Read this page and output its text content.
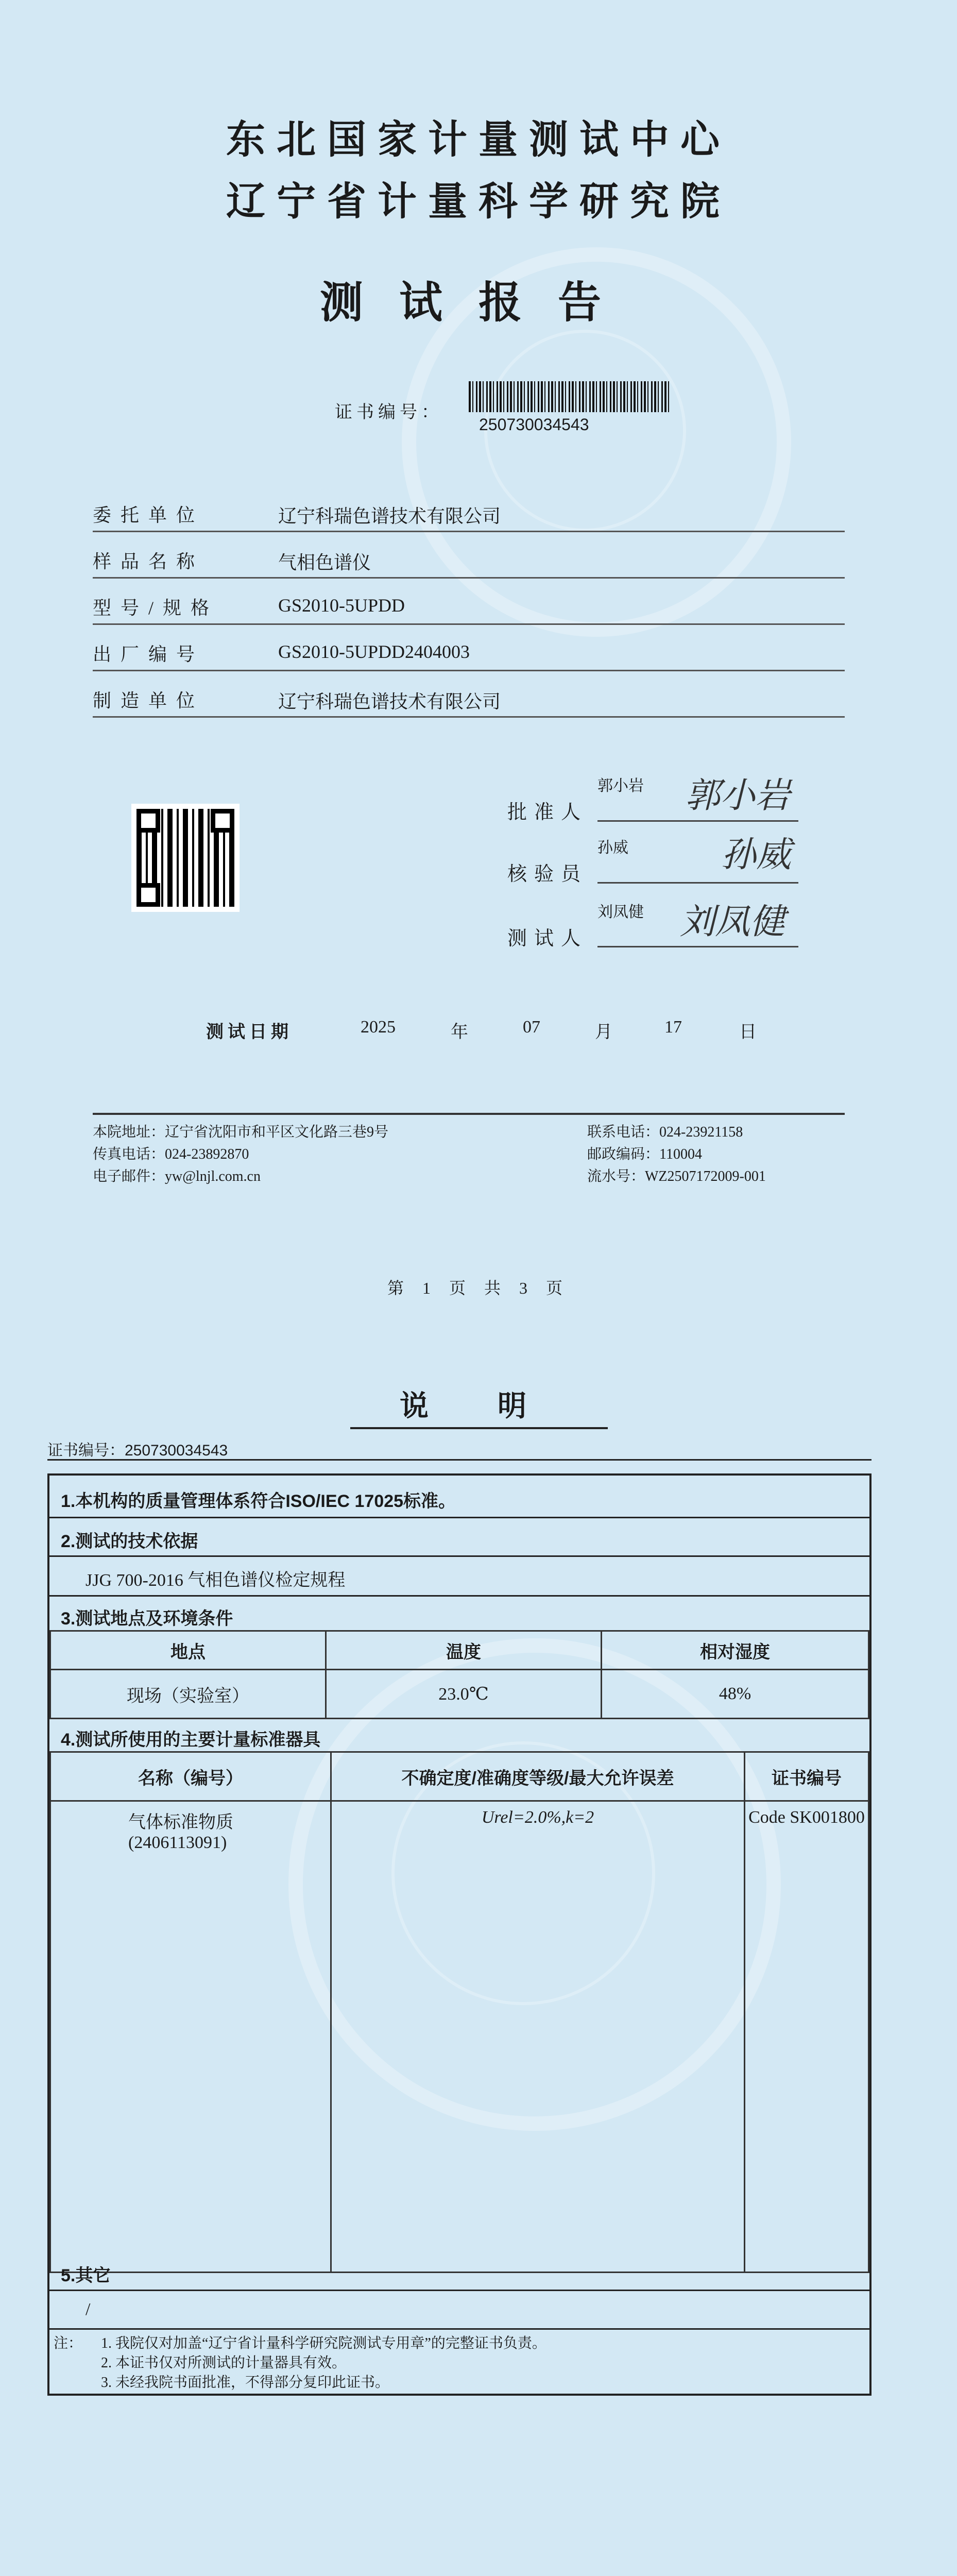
东北国家计量测试中心
辽宁省计量科学研究院
测试报告
证书编号：
250730034543
委托单位	辽宁科瑞色谱技术有限公司
样品名称	气相色谱仪
型号/规格	GS2010-5UPDD
出厂编号	GS2010-5UPDD2404003
制造单位	辽宁科瑞色谱技术有限公司
郭小岩
批准人	郭小岩
孙威
核验员	孙威
刘凤健
测试人	刘凤健
测试日期	2025	年	07	月	17	日
本院地址：辽宁省沈阳市和平区文化路三巷9号
传真电话：024-23892870
电子邮件：yw@lnjl.com.cn
联系电话：024-23921158
邮政编码：110004
流水号：WZ2507172009-001
第 1 页 共 3 页
说 明
证书编号：250730034543
1.本机构的质量管理体系符合ISO/IEC 17025标准。
2.测试的技术依据
JJG 700-2016 气相色谱仪检定规程
3.测试地点及环境条件
地点	温度	相对湿度
现场（实验室）	23.0℃	48%
4.测试所使用的主要计量标准器具
名称（编号）	不确定度/准确度等级/最大允许误差	证书编号

气体标准物质
(2406113091)	Urel=2.0%,k=2	Code SK001800
5.其它
/
注： 1. 我院仅对加盖“辽宁省计量科学研究院测试专用章”的完整证书负责。
2. 本证书仅对所测试的计量器具有效。
3. 未经我院书面批准，不得部分复印此证书。
